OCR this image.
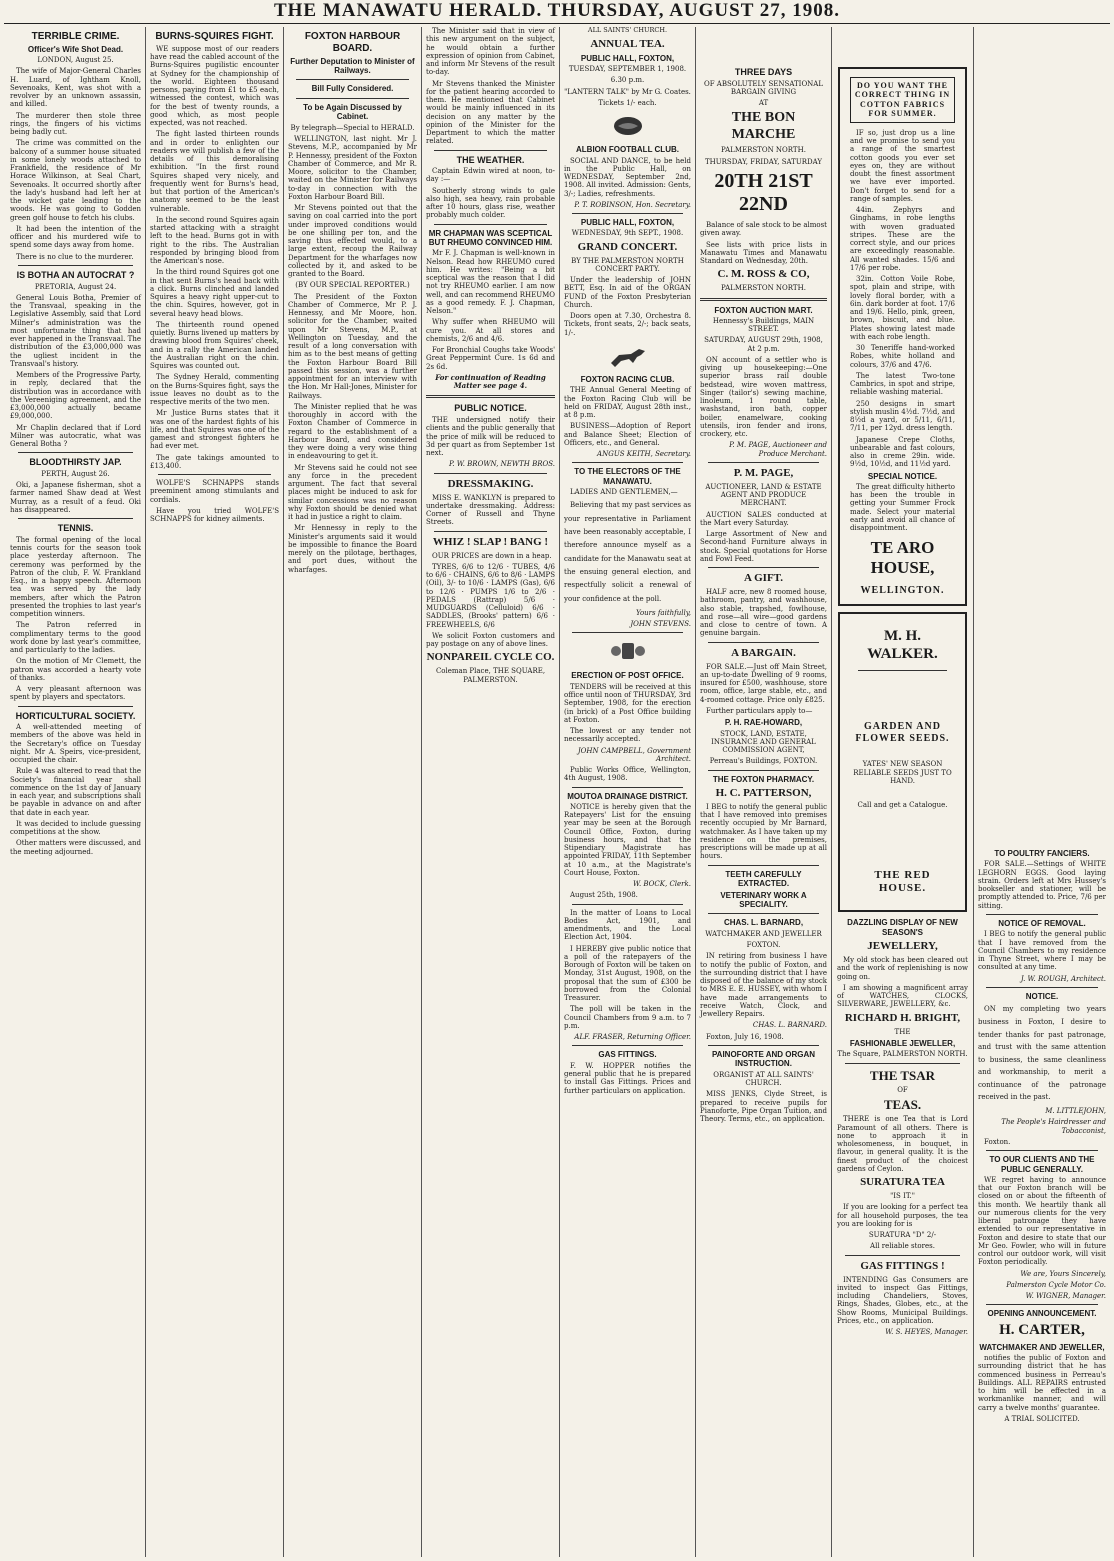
THE MANAWATU HERALD. THURSDAY, AUGUST 27, 1908.
TERRIBLE CRIME.
Officer's Wife Shot Dead.

LONDON, August 25.

The wife of Major-General Charles H. Luard, of Ightham Knoll, Sevenoaks, Kent, was shot with a revolver by an unknown assassin, and killed.

The murderer then stole three rings, the fingers of his victims being badly cut.

The crime was committed on the balcony of a summer house situated in some lonely woods attached to Frankfield, the residence of Mr Horace Wilkinson, at Seal Chart, Sevenoaks. It occurred shortly after the lady's husband had left her at the wicket gate leading to the woods. He was going to Godden green golf house to fetch his clubs.

It had been the intention of the officer and his murdered wife to spend some days away from home.

There is no clue to the murderer.

IS BOTHA AN AUTOCRAT ?

PRETORIA, August 24.

General Louis Botha, Premier of the Transvaal, speaking in the Legislative Assembly, said that Lord Milner's administration was the most unfortunate thing that had ever happened in the Transvaal. The distribution of the £3,000,000 was the ugliest incident in the Transvaal's history.

Members of the Progressive Party, in reply, declared that the distribution was in accordance with the Vereeniging agreement, and the £3,000,000 actually became £9,000,000.

Mr Chaplin declared that if Lord Milner was autocratic, what was General Botha ?

BLOODTHIRSTY JAP.

PERTH, August 26.

Oki, a Japanese fisherman, shot a farmer named Shaw dead at West Murray, as a result of a feud. Oki has disappeared.

TENNIS.

The formal opening of the local tennis courts for the season took place yesterday afternoon. The ceremony was performed by the Patron of the club, F. W. Frankland Esq., in a happy speech. Afternoon tea was served by the lady members, after which the Patron presented the trophies to last year's competition winners.

The Patron referred in complimentary terms to the good work done by last year's committee, and particularly to the ladies.

On the motion of Mr Clemett, the patron was accorded a hearty vote of thanks.

A very pleasant afternoon was spent by players and spectators.

HORTICULTURAL SOCIETY.

A well-attended meeting of members of the above was held in the Secretary's office on Tuesday night. Mr A. Speirs, vice-president, occupied the chair.

Rule 4 was altered to read that the Society's financial year shall commence on the 1st day of January in each year, and subscriptions shall be payable in advance on and after that date in each year.

It was decided to include guessing competitions at the show.

Other matters were discussed, and the meeting adjourned.

BURNS-SQUIRES FIGHT.

WE suppose most of our readers have read the cabled account of the Burns-Squires pugilistic encounter at Sydney for the championship of the world. Eighteen thousand persons, paying from £1 to £5 each, witnessed the contest, which was for the best of twenty rounds, a good which, as most people expected, was not reached.

The fight lasted thirteen rounds and in order to enlighten our readers we will publish a few of the details of this demoralising exhibition. "In the first round Squires shaped very nicely, and frequently went for Burns's head, but that portion of the American's anatomy seemed to be the least vulnerable.

In the second round Squires again started attacking with a straight left to the head. Burns got in with right to the ribs. The Australian responded by bringing blood from the American's nose.

In the third round Squires got one in that sent Burns's head back with a click. Burns clinched and landed Squires a heavy right upper-cut to the chin. Squires, however, got in several heavy head blows.

The thirteenth round opened quietly. Burns livened up matters by drawing blood from Squires' cheek, and in a rally the American landed the Australian right on the chin. Squires was counted out.

The Sydney Herald, commenting on the Burns-Squires fight, says the issue leaves no doubt as to the respective merits of the two men.

Mr Justice Burns states that it was one of the hardest fights of his life, and that Squires was one of the gamest and strongest fighters he had ever met.

The gate takings amounted to £13,400.

WOLFE'S SCHNAPPS stands preeminent among stimulants and cordials.

Have you tried WOLFE'S SCHNAPPS for kidney ailments.

FOXTON HARBOUR BOARD.
Further Deputation to Minister of Railways.
Bill Fully Considered.
To be Again Discussed by Cabinet.

By telegraph—Special to HERALD.

WELLINGTON, last night. Mr J. Stevens, M.P., accompanied by Mr P. Hennessy, president of the Foxton Chamber of Commerce, and Mr R. Moore, solicitor to the Chamber, waited on the Minister for Railways to-day in connection with the Foxton Harbour Board Bill.

Mr Stevens pointed out that the saving on coal carried into the port under improved conditions would be one shilling per ton, and the saving thus effected would, to a large extent, recoup the Railway Department for the wharfages now collected by it, and asked to be granted to the Board.

(BY OUR SPECIAL REPORTER.)

The President of the Foxton Chamber of Commerce, Mr P. J. Hennessy, and Mr Moore, hon. solicitor for the Chamber, waited upon Mr Stevens, M.P., at Wellington on Tuesday, and the result of a long conversation with him as to the best means of getting the Foxton Harbour Board Bill passed this session, was a further appointment for an interview with the Hon. Mr Hall-Jones, Minister for Railways.

The Minister replied that he was thoroughly in accord with the Foxton Chamber of Commerce in regard to the establishment of a Harbour Board, and considered they were doing a very wise thing in endeavouring to get it.

Mr Stevens said he could not see any force in the precedent argument. The fact that several places might be induced to ask for similar concessions was no reason why Foxton should be denied what it had in justice a right to claim.

Mr Hennessy in reply to the Minister's arguments said it would be impossible to finance the Board merely on the pilotage, berthages, and port dues, without the wharfages.

The Minister said that in view of this new argument on the subject, he would obtain a further expression of opinion from Cabinet, and inform Mr Stevens of the result to-day.

Mr Stevens thanked the Minister for the patient hearing accorded to them. He mentioned that Cabinet would be mainly influenced in its decision on any matter by the opinion of the Minister for the Department to which the matter related.

THE WEATHER.

Captain Edwin wired at noon, to-day :—

Southerly strong winds to gale also high, sea heavy, rain probable after 10 hours, glass rise, weather probably much colder.

MR CHAPMAN WAS SCEPTICAL BUT RHEUMO CONVINCED HIM.

Mr F. J. Chapman is well-known in Nelson. Read how RHEUMO cured him. He writes: "Being a bit sceptical was the reason that I did not try RHEUMO earlier. I am now well, and can recommend RHEUMO as a good remedy. F. J. Chapman, Nelson."

Why suffer when RHEUMO will cure you. At all stores and chemists, 2/6 and 4/6.

For Bronchial Coughs take Woods' Great Peppermint Cure. 1s 6d and 2s 6d.

For continuation of Reading Matter see page 4.

PUBLIC NOTICE.

THE undersigned notify their clients and the public generally that the price of milk will be reduced to 3d per quart as from September 1st next.

P. W. BROWN, NEWTH BROS.

DRESSMAKING.

MISS E. WANKLYN is prepared to undertake dressmaking. Address: Corner of Russell and Thyne Streets.

WHIZ ! SLAP ! BANG !

OUR PRICES are down in a heap.

TYRES, 6/6 to 12/6 · TUBES, 4/6 to 6/6 · CHAINS, 6/6 to 8/6 · LAMPS (Oil), 3/- to 10/6 · LAMPS (Gas), 6/6 to 12/6 · PUMPS 1/6 to 2/6 · PEDALS (Rattrap) 5/6 · MUDGUARDS (Celluloid) 6/6 · SADDLES, (Brooks' pattern) 6/6 · FREEWHEELS, 6/6

We solicit Foxton customers and pay postage on any of above lines.

NONPAREIL CYCLE CO.

Coleman Place, THE SQUARE, PALMERSTON.

ALL SAINTS' CHURCH.
ANNUAL TEA.
PUBLIC HALL, FOXTON,

TUESDAY, SEPTEMBER 1, 1908.

6.30 p.m.

"LANTERN TALK" by Mr G. Coates.

Tickets 1/- each.

ALBION FOOTBALL CLUB.

SOCIAL AND DANCE, to be held in the Public Hall, on WEDNESDAY, September 2nd, 1908. All invited. Admission: Gents, 3/-; Ladies, refreshments.

P. T. ROBINSON, Hon. Secretary.

PUBLIC HALL, FOXTON,

WEDNESDAY, 9th SEPT., 1908.

GRAND CONCERT.

BY THE PALMERSTON NORTH CONCERT PARTY.

Under the leadership of JOHN BETT, Esq. In aid of the ORGAN FUND of the Foxton Presbyterian Church.

Doors open at 7.30, Orchestra 8. Tickets, front seats, 2/-; back seats, 1/-.

FOXTON RACING CLUB.

THE Annual General Meeting of the Foxton Racing Club will be held on FRIDAY, August 28th inst., at 8 p.m.

BUSINESS—Adoption of Report and Balance Sheet; Election of Officers, etc., and General.

ANGUS KEITH, Secretary.

TO THE ELECTORS OF THE MANAWATU.

LADIES AND GENTLEMEN,—

Believing that my past services as your representative in Parliament have been reasonably acceptable, I therefore announce myself as a candidate for the Manawatu seat at the ensuing general election, and respectfully solicit a renewal of your confidence at the poll.

Yours faithfully,

JOHN STEVENS.

ERECTION OF POST OFFICE.

TENDERS will be received at this office until noon of THURSDAY, 3rd September, 1908, for the erection (in brick) of a Post Office building at Foxton.

The lowest or any tender not necessarily accepted.

JOHN CAMPBELL, Government Architect.

Public Works Office, Wellington, 4th August, 1908.

MOUTOA DRAINAGE DISTRICT.

NOTICE is hereby given that the Ratepayers' List for the ensuing year may be seen at the Borough Council Office, Foxton, during business hours, and that the Stipendiary Magistrate has appointed FRIDAY, 11th September at 10 a.m., at the Magistrate's Court House, Foxton.

W. BOCK, Clerk.

August 25th, 1908.

In the matter of Loans to Local Bodies Act, 1901, and amendments, and the Local Election Act, 1904.

I HEREBY give public notice that a poll of the ratepayers of the Borough of Foxton will be taken on Monday, 31st August, 1908, on the proposal that the sum of £300 be borrowed from the Colonial Treasurer.

The poll will be taken in the Council Chambers from 9 a.m. to 7 p.m.

ALF. FRASER, Returning Officer.

GAS FITTINGS.

F. W. HOPPER notifies the general public that he is prepared to install Gas Fittings. Prices and further particulars on application.

THREE DAYS

OF ABSOLUTELY SENSATIONAL BARGAIN GIVING

AT

THE BON MARCHE

PALMERSTON NORTH.

THURSDAY, FRIDAY, SATURDAY

20TH 21ST 22ND

Balance of sale stock to be almost given away.

See lists with price lists in Manawatu Times and Manawatu Standard on Wednesday, 20th.

C. M. ROSS & CO,

PALMERSTON NORTH.

FOXTON AUCTION MART.

Hennessy's Buildings, MAIN STREET.

SATURDAY, AUGUST 29th, 1908, At 2 p.m.

ON account of a settler who is giving up housekeeping:—One superior brass rail double bedstead, wire woven mattress, Singer (tailor's) sewing machine, linoleum, 1 round table, washstand, iron bath, copper boiler, enamelware, cooking utensils, iron fender and irons, crockery, etc.

P. M. PAGE, Auctioneer and Produce Merchant.

P. M. PAGE,

AUCTIONEER, LAND & ESTATE AGENT AND PRODUCE MERCHANT.

AUCTION SALES conducted at the Mart every Saturday.

Large Assortment of New and Second-hand Furniture always in stock. Special quotations for Horse and Fowl Feed.

A GIFT.

HALF acre, new 8 roomed house, bathroom, pantry, and washhouse, also stable, trapshed, fowlhouse, and rose—all wire—good gardens and close to centre of town. A genuine bargain.

A BARGAIN.

FOR SALE.—Just off Main Street, an up-to-date Dwelling of 9 rooms, insured for £500, washhouse, store room, office, large stable, etc., and 4-roomed cottage. Price only £825.

Further particulars apply to—

P. H. RAE-HOWARD,

STOCK, LAND, ESTATE, INSURANCE AND GENERAL COMMISSION AGENT,

Perreau's Buildings, FOXTON.

THE FOXTON PHARMACY.
H. C. PATTERSON,

I BEG to notify the general public that I have removed into premises recently occupied by Mr Barnard, watchmaker. As I have taken up my residence on the premises, prescriptions will be made up at all hours.

TEETH CAREFULLY EXTRACTED.
VETERINARY WORK A SPECIALITY.
CHAS. L. BARNARD,

WATCHMAKER AND JEWELLER

FOXTON.

IN retiring from business I have to notify the public of Foxton, and the surrounding district that I have disposed of the balance of my stock to MRS E. E. HUSSEY, with whom I have made arrangements to receive Watch, Clock, and Jewellery Repairs.

CHAS. L. BARNARD.

Foxton, July 16, 1908.

PAINOFORTE AND ORGAN INSTRUCTION.

ORGANIST AT ALL SAINTS' CHURCH.

MISS JENKS, Clyde Street, is prepared to receive pupils for Pianoforte, Pipe Organ Tuition, and Theory. Terms, etc., on application.

DO YOU WANT THE CORRECT THING IN COTTON FABRICS FOR SUMMER.

IF so, just drop us a line and we promise to send you a range of the smartest cotton goods you ever set eyes on, they are without doubt the finest assortment we have ever imported. Don't forget to send for a range of samples.

44in. Zephyrs and Ginghams, in robe lengths with woven graduated stripes. These are the correct style, and our prices are exceedingly reasonable. All wanted shades. 15/6 and 17/6 per robe.

32in. Cotton Voile Robe, spot, plain and stripe, with lovely floral border, with a 6in. dark border at foot. 17/6 and 19/6. Hello, pink, green, brown, biscuit, and blue. Plates showing latest made with each robe length.

30 Teneriffe hand-worked Robes, white holland and colours, 37/6 and 47/6.

The latest Two-tone Cambrics, in spot and stripe, reliable washing material.

250 designs in smart stylish muslin 4½d. 7½d, and 8½d a yard, or 5/11, 6/11, 7/11, per 12yd. dress length.

Japanese Crepe Cloths, unbearable and fast colours, also in creme 29in. wide. 9½d, 10½d, and 11½d yard.

SPECIAL NOTICE.

The great difficulty hitherto has been the trouble in getting your Summer Frock made. Select your material early and avoid all chance of disappointment.

TE ARO HOUSE,
WELLINGTON.
M. H. WALKER.
GARDEN AND FLOWER SEEDS.

YATES' NEW SEASON RELIABLE SEEDS JUST TO HAND.

Call and get a Catalogue.

THE RED HOUSE.
DAZZLING DISPLAY OF NEW SEASON'S
JEWELLERY,

My old stock has been cleared out and the work of replenishing is now going on.

I am showing a magnificent array of WATCHES, CLOCKS, SILVERWARE, JEWELLERY, &c.

RICHARD H. BRIGHT,

THE

FASHIONABLE JEWELLER,

The Square, PALMERSTON NORTH.

THE TSAR

OF

TEAS.

THERE is one Tea that is Lord Paramount of all others. There is none to approach it in wholesomeness, in bouquet, in flavour, in general quality. It is the finest product of the choicest gardens of Ceylon.

SURATURA TEA

"IS IT."

If you are looking for a perfect tea for all household purposes, the tea you are looking for is

SURATURA "D" 2/-

All reliable stores.

GAS FITTINGS !

INTENDING Gas Consumers are invited to inspect Gas Fittings, including Chandeliers, Stoves, Rings, Shades, Globes, etc., at the Show Rooms, Municipal Buildings. Prices, etc., on application.

W. S. HEYES, Manager.

TO POULTRY FANCIERS.

FOR SALE.—Settings of WHITE LEGHORN EGGS. Good laying strain. Orders left at Mrs Hussey's bookseller and stationer, will be promptly attended to. Price, 7/6 per sitting.

NOTICE OF REMOVAL.

I BEG to notify the general public that I have removed from the Council Chambers to my residence in Thyne Street, where I may be consulted at any time.

J. W. ROUGH, Architect.

NOTICE.

ON my completing two years business in Foxton, I desire to tender thanks for past patronage, and trust with the same attention to business, the same cleanliness and workmanship, to merit a continuance of the patronage received in the past.

M. LITTLEJOHN,

The People's Hairdresser and Tobacconist,

Foxton.

TO OUR CLIENTS AND THE PUBLIC GENERALLY.

WE regret having to announce that our Foxton branch will be closed on or about the fifteenth of this month. We heartily thank all our numerous clients for the very liberal patronage they have extended to our representative in Foxton and desire to state that our Mr Geo. Fowler, who will in future control our outdoor work, will visit Foxton periodically.

We are, Yours Sincerely,

Palmerston Cycle Motor Co.

W. WIGNER, Manager.

OPENING ANNOUNCEMENT.
H. CARTER,
WATCHMAKER AND JEWELLER,

notifies the public of Foxton and surrounding district that he has commenced business in Perreau's Buildings. ALL REPAIRS entrusted to him will be effected in a workmanlike manner, and will carry a twelve months' guarantee.

A TRIAL SOLICITED.
